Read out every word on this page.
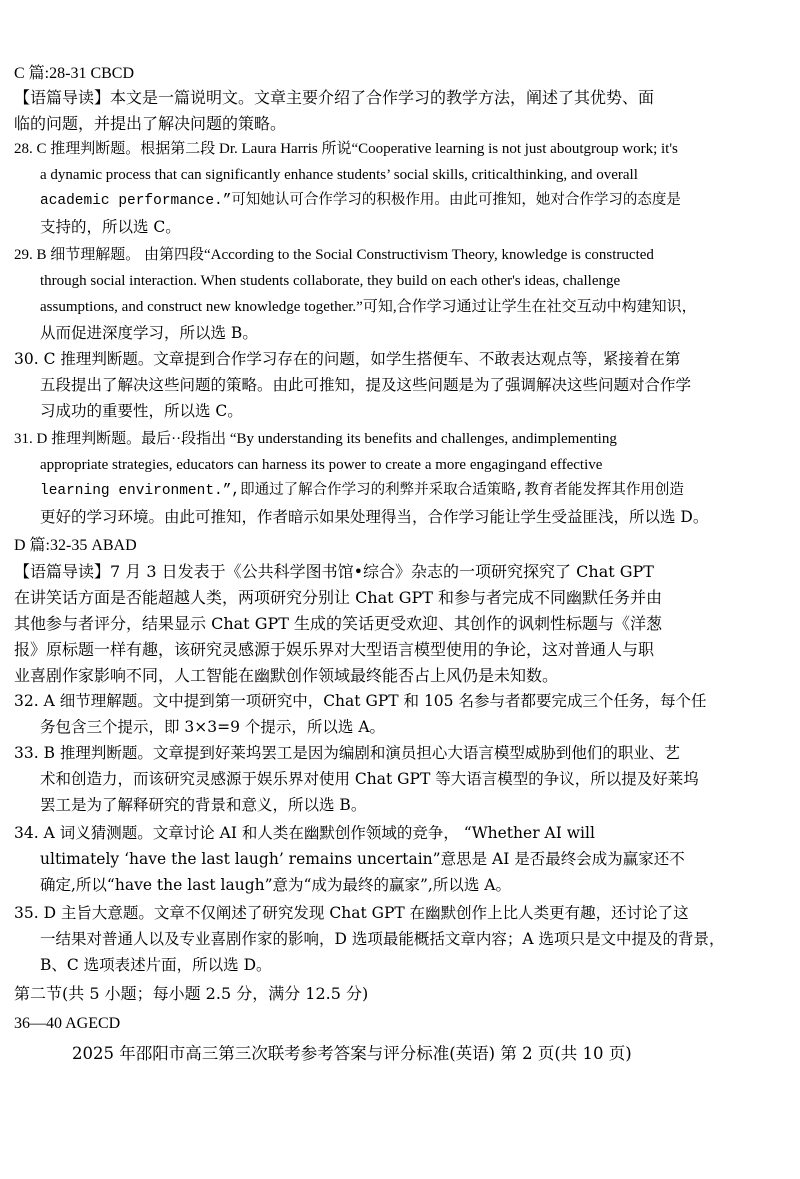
C 篇:28-31 CBCD
【语篇导读】本文是一篇说明文。文章主要介绍了合作学习的教学方法，阐述了其优势、面
临的问题，并提出了解决问题的策略。
28. C 推理判断题。根据第二段 Dr. Laura Harris 所说“Cooperative learning is not just aboutgroup work; it's
a dynamic process that can significantly enhance students’ social skills, criticalthinking, and overall
academic performance.”可知她认可合作学习的积极作用。由此可推知，她对合作学习的态度是
支持的，所以选 C。
29. B 细节理解题。 由第四段“According to the Social Constructivism Theory, knowledge is constructed
through social interaction. When students collaborate, they build on each other's ideas, challenge
assumptions, and construct new knowledge together.”可知,合作学习通过让学生在社交互动中构建知识，
从而促进深度学习，所以选 B。
30. C 推理判断题。文章提到合作学习存在的问题，如学生搭便车、不敢表达观点等，紧接着在第
五段提出了解决这些问题的策略。由此可推知，提及这些问题是为了强调解决这些问题对合作学
习成功的重要性，所以选 C。
31. D 推理判断题。最后··段指出 “By understanding its benefits and challenges, andimplementing
appropriate strategies, educators can harness its power to create a more engagingand effective
learning environment.”,即通过了解合作学习的利弊并采取合适策略,教育者能发挥其作用创造
更好的学习环境。由此可推知，作者暗示如果处理得当，合作学习能让学生受益匪浅，所以选 D。
D 篇:32-35 ABAD
【语篇导读】7 月 3 日发表于《公共科学图书馆•综合》杂志的一项研究探究了 Chat GPT
在讲笑话方面是否能超越人类，两项研究分别让 Chat GPT 和参与者完成不同幽默任务并由
其他参与者评分，结果显示 Chat GPT 生成的笑话更受欢迎、其创作的讽刺性标题与《洋葱
报》原标题一样有趣，该研究灵感源于娱乐界对大型语言模型使用的争论，这对普通人与职
业喜剧作家影响不同，人工智能在幽默创作领域最终能否占上风仍是未知数。
32. A 细节理解题。文中提到第一项研究中，Chat GPT 和 105 名参与者都要完成三个任务，每个任
务包含三个提示，即 3×3=9 个提示，所以选 A。
33. B 推理判断题。文章提到好莱坞罢工是因为编剧和演员担心大语言模型威胁到他们的职业、艺
术和创造力，而该研究灵感源于娱乐界对使用 Chat GPT 等大语言模型的争议，所以提及好莱坞
罢工是为了解释研究的背景和意义，所以选 B。
34. A 词义猜测题。文章讨论 AI 和人类在幽默创作领域的竞争， “Whether AI will
ultimately ‘have the last laugh’ remains uncertain”意思是 AI 是否最终会成为赢家还不
确定,所以“have the last laugh”意为“成为最终的赢家”,所以选 A。
35. D 主旨大意题。文章不仅阐述了研究发现 Chat GPT 在幽默创作上比人类更有趣，还讨论了这
一结果对普通人以及专业喜剧作家的影响，D 选项最能概括文章内容；A 选项只是文中提及的背景，
B、C 选项表述片面，所以选 D。
第二节(共 5 小题；每小题 2.5 分，满分 12.5 分)
36—40 AGECD
2025 年邵阳市高三第三次联考参考答案与评分标准(英语) 第 2 页(共 10 页)
